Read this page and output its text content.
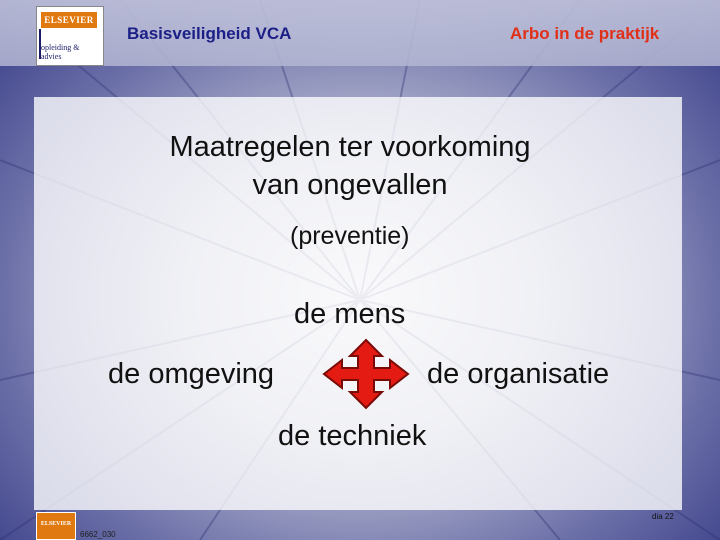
ELSEVIER
opleiding &
advies
Basisveiligheid VCA	Arbo in de praktijk
Maatregelen ter voorkoming
van ongevallen
(preventie)
de mens
de omgeving	de organisatie
de techniek
ELSEVIER
6662_030
dia 22
